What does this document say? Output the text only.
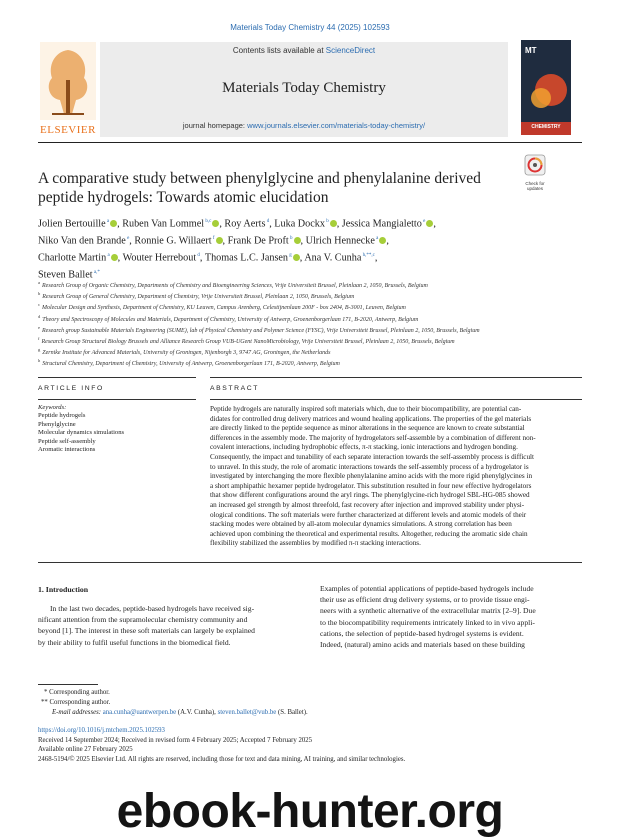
Materials Today Chemistry 44 (2025) 102593
ELSEVIER
Contents lists available at ScienceDirect
Materials Today Chemistry
journal homepage: www.journals.elsevier.com/materials-today-chemistry/
MT
CHEMISTRY
Check for
updates
A comparative study between phenylglycine and phenylalanine derived
peptide hydrogels: Towards atomic elucidation
Jolien Bertouille $^a$ , Ruben Van Lommel $^{b,c}$ , Roy Aerts $^d$, Luka Dockx $^b$ , Jessica Mangialetto $^e$ ,
Niko Van den Brande $^e$, Ronnie G. Willaert $^f$ , Frank De Proft $^b$ , Ulrich Hennecke $^a$ ,
Charlotte Martin $^a$ , Wouter Herrebout $^d$, Thomas L.C. Jansen $^g$ , Ana V. Cunha $^{h,**,c}$,
Steven Ballet $^{a,*}$
$^a$Research Group of Organic Chemistry, Departments of Chemistry and Bioengineering Sciences, Vrije Universiteit Brussel, Pleinlaan 2, 1050, Brussels, Belgium
$^b$Research Group of General Chemistry, Department of Chemistry, Vrije Universiteit Brussel, Pleinlaan 2, 1050, Brussels, Belgium
$^c$Molecular Design and Synthesis, Department of Chemistry, KU Leuven, Campus Arenberg, Celestijnenlaan 200F - box 2404, B-3001, Leuven, Belgium
$^d$Theory and Spectroscopy of Molecules and Materials, Department of Chemistry, University of Antwerp, Groenenborgerlaan 171, B-2020, Antwerp, Belgium
$^e$Research group Sustainable Materials Engineering (SUME), lab of Physical Chemistry and Polymer Science (FYSC), Vrije Universiteit Brussel, Pleinlaan 2, 1050, Brussels, Belgium
$^f$Research Group Structural Biology Brussels and Alliance Research Group VUB-UGent NanoMicrobiology, Vrije Universiteit Brussel, Pleinlaan 2, 1050, Brussels, Belgium
$^g$Zernike Institute for Advanced Materials, University of Groningen, Nijenborgh 3, 9747 AG, Groningen, the Netherlands
$^h$Structural Chemistry, Department of Chemistry, University of Antwerp, Groenenborgerlaan 171, B-2020, Antwerp, Belgium
ARTICLE INFO	ABSTRACT
Keywords:
Peptide hydrogels
Phenylglycine
Molecular dynamics simulations
Peptide self-assembly
Aromatic interactions
Peptide hydrogels are naturally inspired soft materials which, due to their biocompatibility, are potential can-
didates for controlled drug delivery matrices and wound healing applications. The properties of the gel materials
are directly linked to the peptide sequence as minor alterations in the sequence are known to create substantial
differences in the assembly mode. The majority of hydrogelators self-assemble by a combination of different non-
covalent interactions, including hydrophobic effects, π-π stacking, ionic interactions and hydrogen bonding.
Consequently, the impact and tunability of each separate interaction towards the self-assembly process is difficult
to unravel. In this study, the role of aromatic interactions towards the self-assembly process of a hydrogelator is
investigated by interchanging the more flexible phenylalanine amino acids with the more rigid phenylglycines in
a short amphipathic hexamer peptide hydrogelator. This substitution resulted in four new effective hydrogelators
that show different configurations around the aryl rings. The phenylglycine-rich hydrogel SBL-HG-085 showed
an increased gel strength by almost threefold, fast recovery after injection and improved stability under physi-
ological conditions. The soft materials were further characterized at different levels and atomic models of their
stacking modes were obtained by all-atom molecular dynamics simulations. A strong correlation has been
achieved upon combining the theoretical and experimental results. Altogether, reducing the aromatic side chain
flexibility stabilized the assemblies by modified π-π stacking interactions.
1. Introduction
In the last two decades, peptide-based hydrogels have received sig-
nificant attention from the supramolecular chemistry community and
beyond [1]. The interest in these soft materials can largely be explained
by their ability to fulfil useful functions in the biomedical field.
Examples of potential applications of peptide-based hydrogels include
their use as efficient drug delivery systems, or to provide tissue engi-
neers with a synthetic alternative of the extracellular matrix [2–9]. Due
to the biocompatibility requirements intricately linked to in vivo appli-
cations, the selection of peptide-based hydrogel systems is evident.
Indeed, (natural) amino acids and materials based on these building
* Corresponding author.
** Corresponding author.
E-mail addresses: ana.cunha@uantwerpen.be (A.V. Cunha), steven.ballet@vub.be (S. Ballet).
https://doi.org/10.1016/j.mtchem.2025.102593
Received 14 September 2024; Received in revised form 4 February 2025; Accepted 7 February 2025
Available online 27 February 2025
2468-5194/© 2025 Elsevier Ltd. All rights are reserved, including those for text and data mining, AI training, and similar technologies.
ebook-hunter.org
